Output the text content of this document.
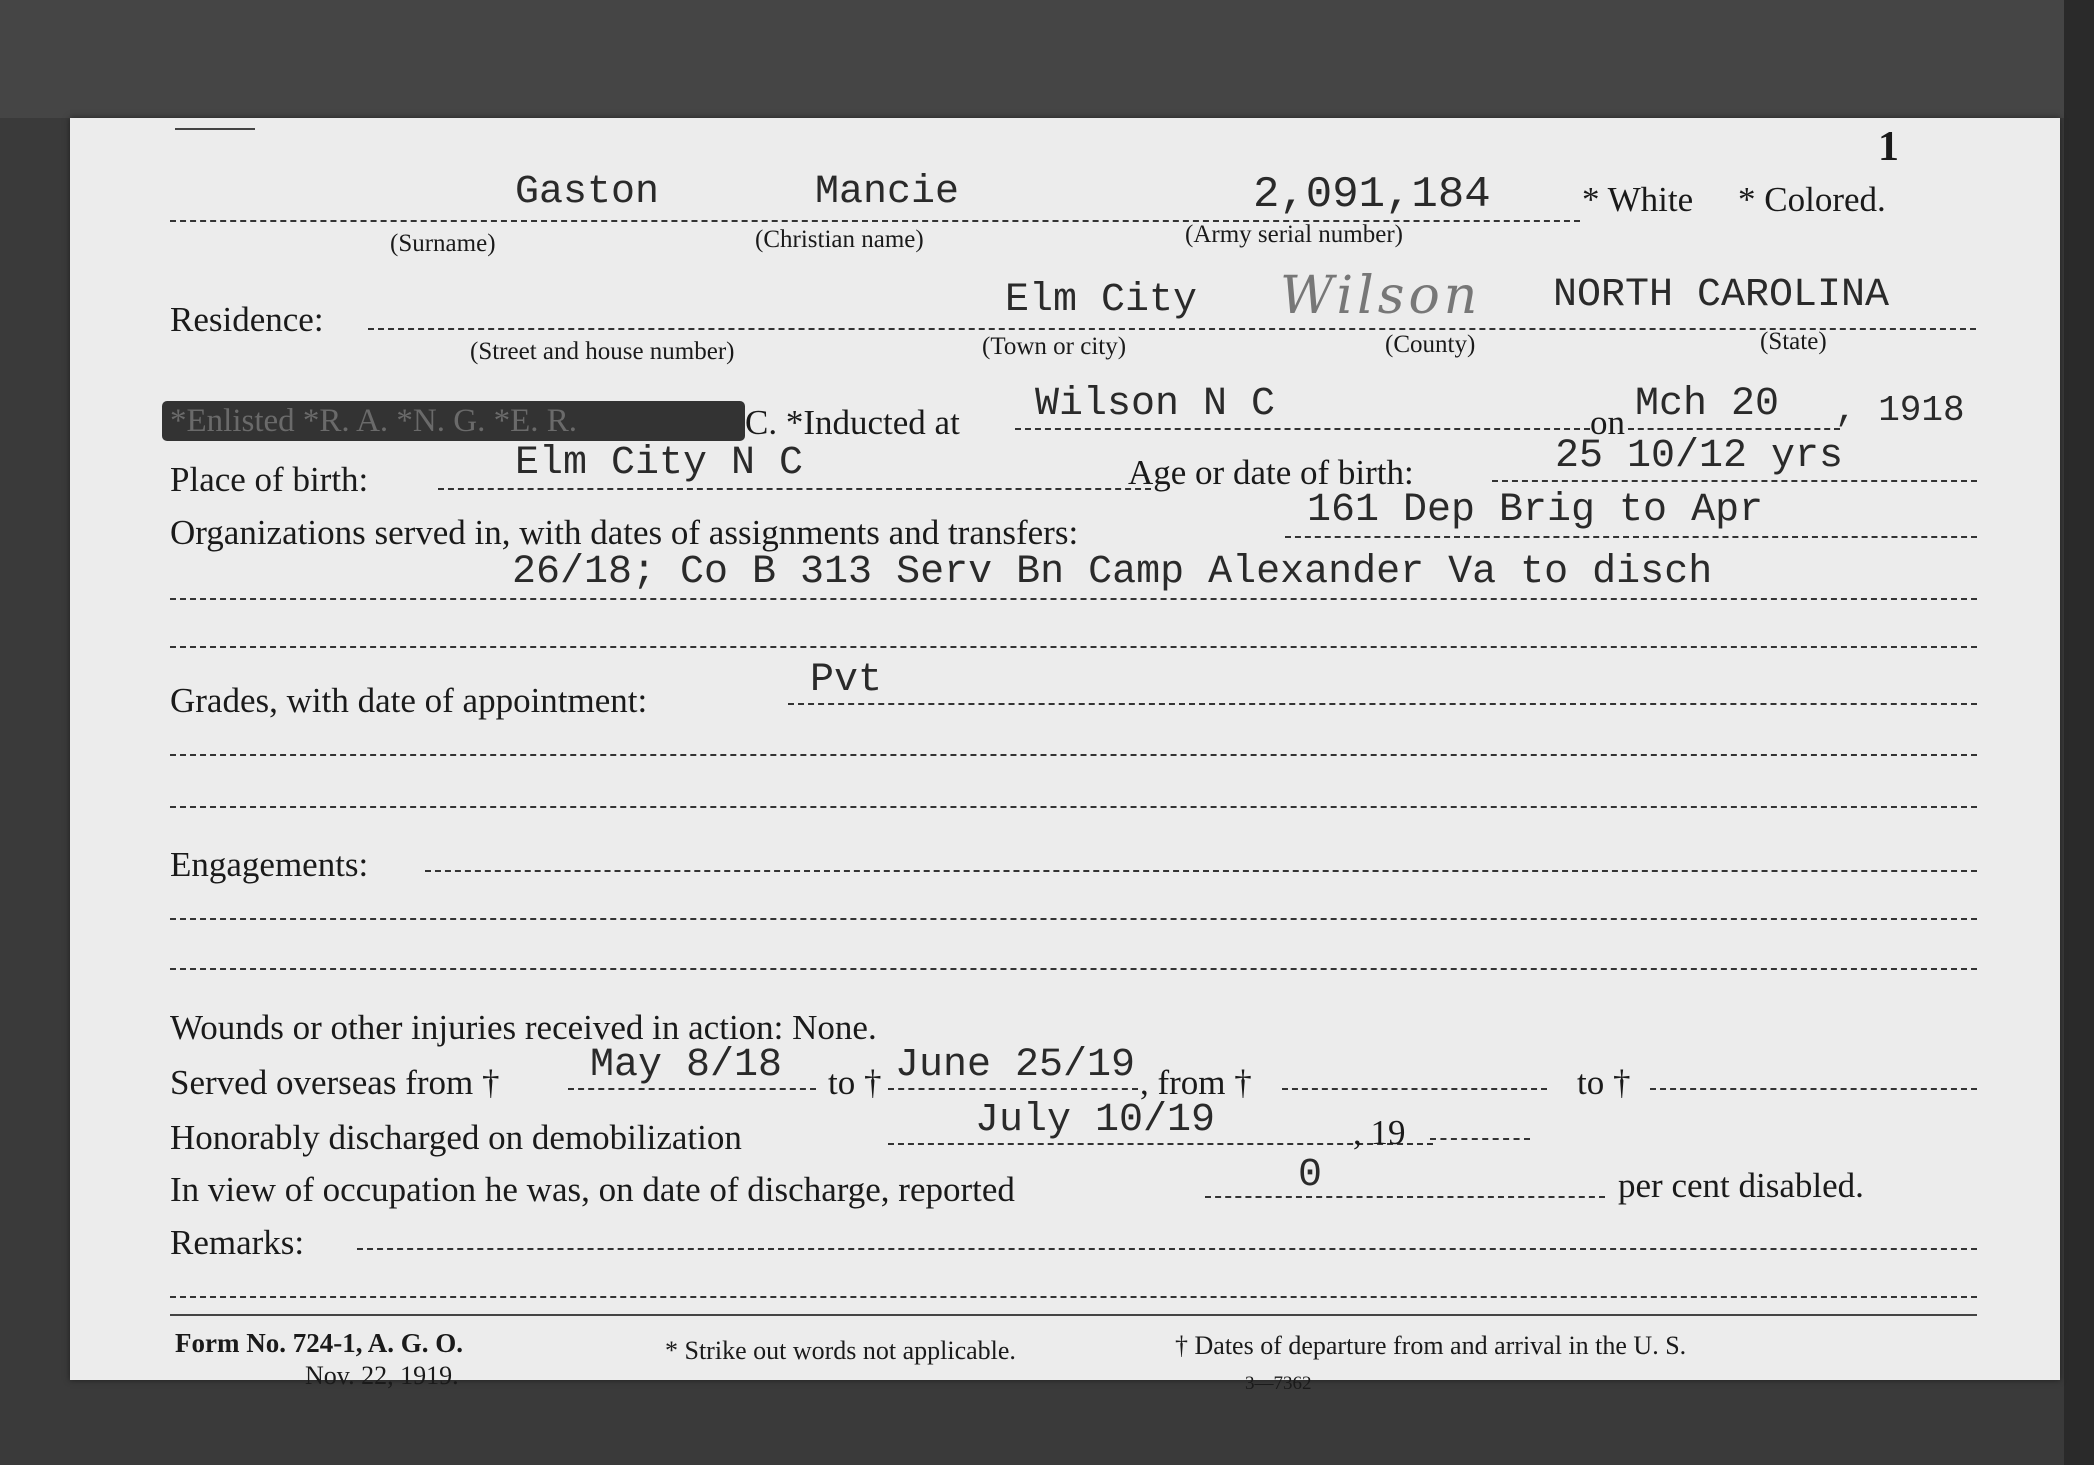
1
Gaston	Mancie	2,091,184	* White * Colored.
(Surname)	(Christian name)	(Army serial number)
Residence:	Elm City Wilson NORTH CAROLINA
(Street and house number)	(Town or city)	(County)	(State)
*Enlisted *R. A. *N. G. *E. R.	C. *Inducted at Wilson N C	on Mch 20 , 1918
Place of birth:	Elm City N C	Age or date of birth:	25 10/12 yrs
Organizations served in, with dates of assignments and transfers:	161 Dep Brig to Apr
26/18; Co B 313 Serv Bn Camp Alexander Va to disch
Grades, with date of appointment:	Pvt
Engagements:
Wounds or other injuries received in action: None.
Served overseas from † May 8/18 to † June 25/19 , from †	to †
Honorably discharged on demobilization	July 10/19	, 19
In view of occupation he was, on date of discharge, reported	0	per cent disabled.
Remarks:
Form No. 724-1, A. G. O.
Nov. 22, 1919.
* Strike out words not applicable.	† Dates of departure from and arrival in the U. S.
3—7362
